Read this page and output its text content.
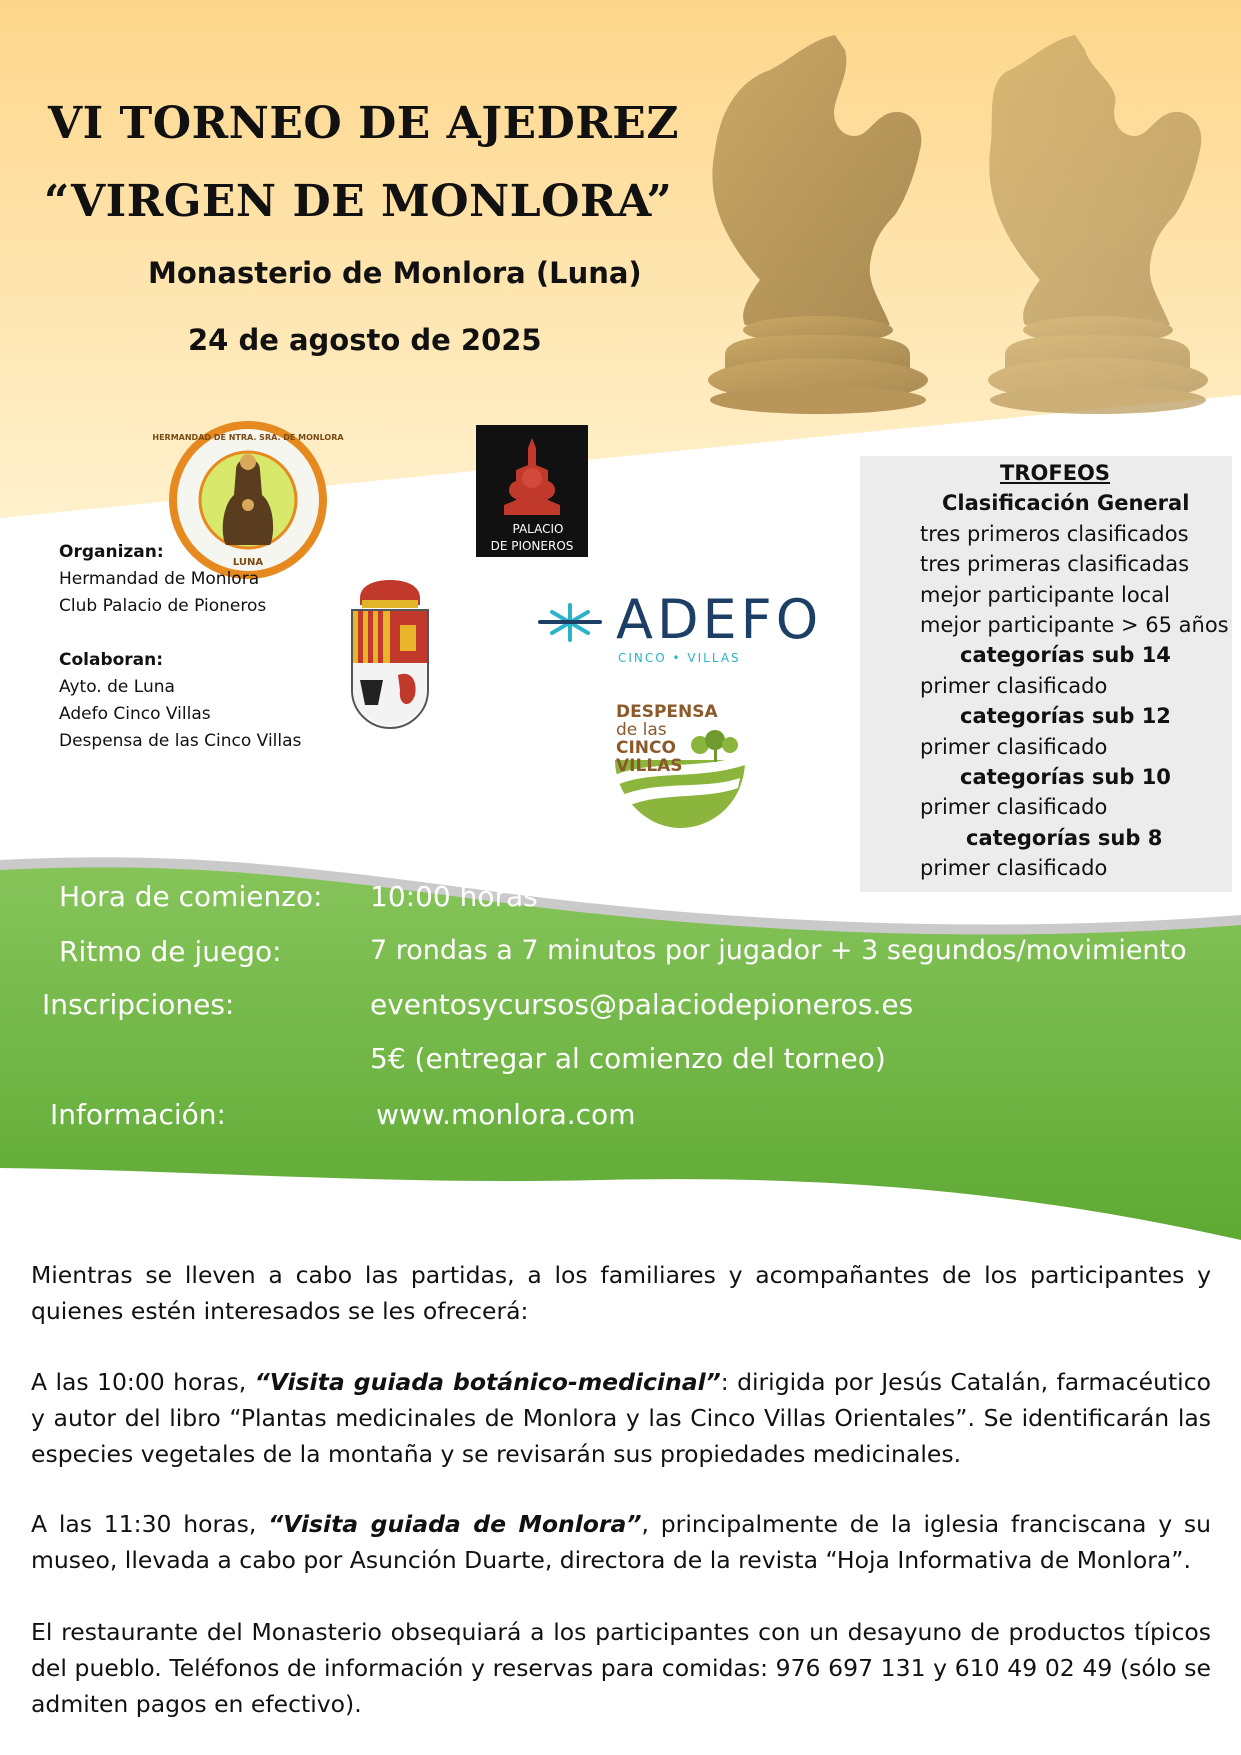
HERMANDAD DE NTRA. SRA. DE MONLORA
LUNA
PALACIO
DE PIONEROS
VI TORNEO DE AJEDREZ
“VIRGEN DE MONLORA”
Monasterio de Monlora (Luna)
24 de agosto de 2025
ADEFO
CINCO • VILLAS
DESPENSA
de las
CINCO
VILLAS
Organizan:
Hermandad de Monlora
Club Palacio de Pioneros
Colaboran:
Ayto. de Luna
Adefo Cinco Villas
Despensa de las Cinco Villas
TROFEOS
Clasificación General
tres primeros clasificados
tres primeras clasificadas
mejor participante local
mejor participante > 65 años
categorías sub 14
primer clasificado
categorías sub 12
primer clasificado
categorías sub 10
primer clasificado
categorías sub 8
primer clasificado
Hora de comienzo: 10:00 horas
Ritmo de juego:	7 rondas a 7 minutos por jugador + 3 segundos/movimiento
Inscripciones:	eventosycursos@palaciodepioneros.es
5€ (entregar al comienzo del torneo)
Información:	www.monlora.com
Mientras se lleven a cabo las partidas, a los familiares y acompañantes de los participantes y quienes estén interesados se les ofrecerá:
A las 10:00 horas, “Visita guiada botánico-medicinal”: dirigida por Jesús Catalán, farmacéutico y autor del libro “Plantas medicinales de Monlora y las Cinco Villas Orientales”. Se identificarán las especies vegetales de la montaña y se revisarán sus propiedades medicinales.
A las 11:30 horas, “Visita guiada de Monlora”, principalmente de la iglesia franciscana y su museo, llevada a cabo por Asunción Duarte, directora de la revista “Hoja Informativa de Monlora”.
El restaurante del Monasterio obsequiará a los participantes con un desayuno de productos típicos del pueblo. Teléfonos de información y reservas para comidas: 976 697 131 y 610 49 02 49 (sólo se admiten pagos en efectivo).
